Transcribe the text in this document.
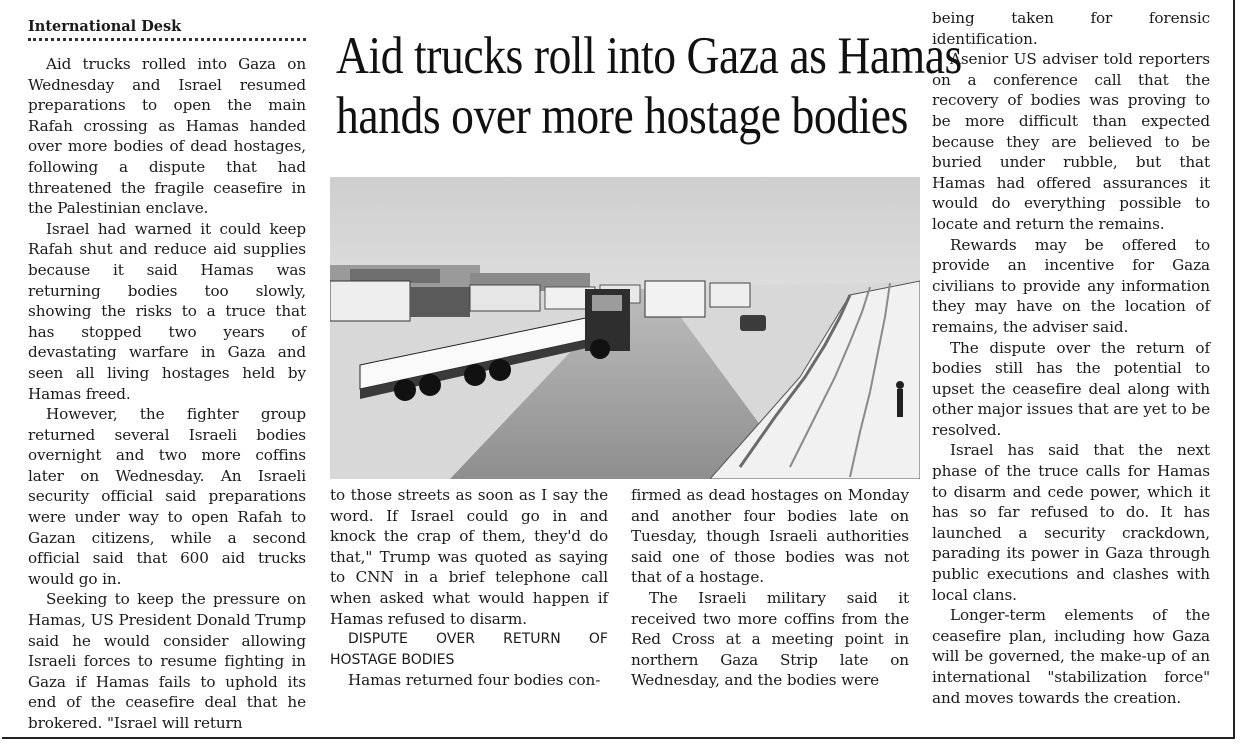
International Desk
Aid trucks roll into Gaza as Hamas
hands over more hostage bodies

Aid trucks rolled into Gaza on Wednesday and Israel resumed preparations to open the main Rafah crossing as Hamas handed over more bodies of dead hostages, following a dispute that had threatened the fragile ceasefire in the Palestinian enclave.

Israel had warned it could keep Rafah shut and reduce aid supplies because it said Hamas was returning bodies too slowly, showing the risks to a truce that has stopped two years of devastating warfare in Gaza and seen all living hostages held by Hamas freed.

However, the fighter group returned several Israeli bodies overnight and two more coffins later on Wednesday. An Israeli security official said preparations were under way to open Rafah to Gazan citizens, while a second official said that 600 aid trucks would go in.

Seeking to keep the pressure on Hamas, US President Donald Trump said he would consider allowing Israeli forces to resume fighting in Gaza if Hamas fails to uphold its end of the ceasefire deal that he brokered. "Israel will return

to those streets as soon as I say the word. If Israel could go in and knock the crap of them, they'd do that," Trump was quoted as saying to CNN in a brief telephone call when asked what would happen if Hamas refused to disarm.

DISPUTE OVER RETURN OF HOSTAGE BODIES

Hamas returned four bodies con-

firmed as dead hostages on Monday and another four bodies late on Tuesday, though Israeli authorities said one of those bodies was not that of a hostage.

The Israeli military said it received two more coffins from the Red Cross at a meeting point in northern Gaza Strip late on Wednesday, and the bodies were

being taken for forensic identification.

Asenior US adviser told reporters on a conference call that the recovery of bodies was proving to be more difficult than expected because they are believed to be buried under rubble, but that Hamas had offered assurances it would do everything possible to locate and return the remains.

Rewards may be offered to provide an incentive for Gaza civilians to provide any information they may have on the location of remains, the adviser said.

The dispute over the return of bodies still has the potential to upset the ceasefire deal along with other major issues that are yet to be resolved.

Israel has said that the next phase of the truce calls for Hamas to disarm and cede power, which it has so far refused to do. It has launched a security crackdown, parading its power in Gaza through public executions and clashes with local clans.

Longer-term elements of the ceasefire plan, including how Gaza will be governed, the make-up of an international "stabilization force" and moves towards the creation.
